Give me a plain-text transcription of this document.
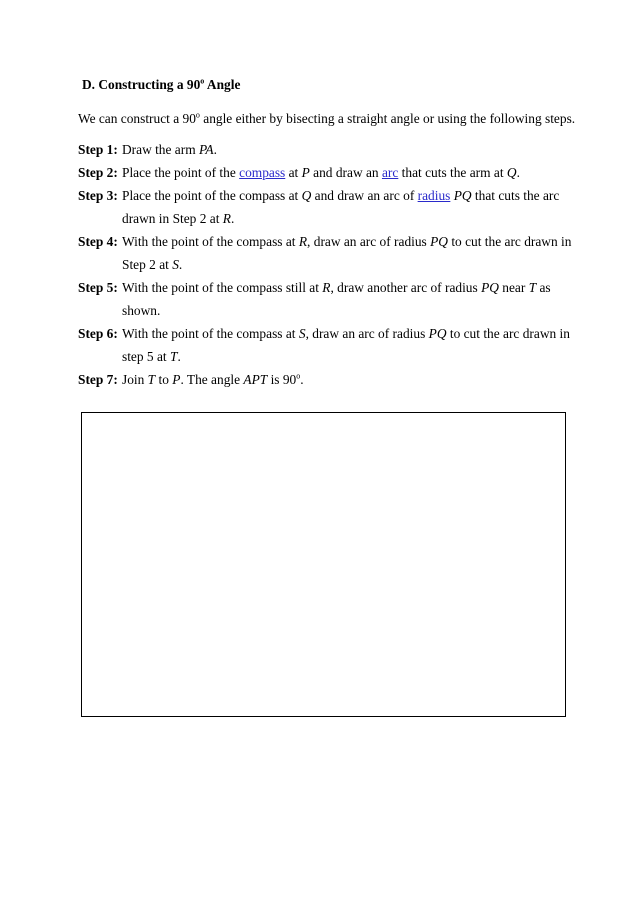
D. Constructing a 90$^o$ Angle
We can construct a 90$^o$ angle either by bisecting a straight angle or using the following steps.
Step 1: Draw the arm PA.
Step 2: Place the point of the compass at P and draw an arc that cuts the arm at Q.
Step 3: Place the point of the compass at Q and draw an arc of radius PQ that cuts the arc
drawn in Step 2 at R.
Step 4: With the point of the compass at R, draw an arc of radius PQ to cut the arc drawn in
Step 2 at S.
Step 5: With the point of the compass still at R, draw another arc of radius PQ near T as
shown.
Step 6: With the point of the compass at S, draw an arc of radius PQ to cut the arc drawn in
step 5 at T.
Step 7: Join T to P. The angle APT is 90$^o$.
